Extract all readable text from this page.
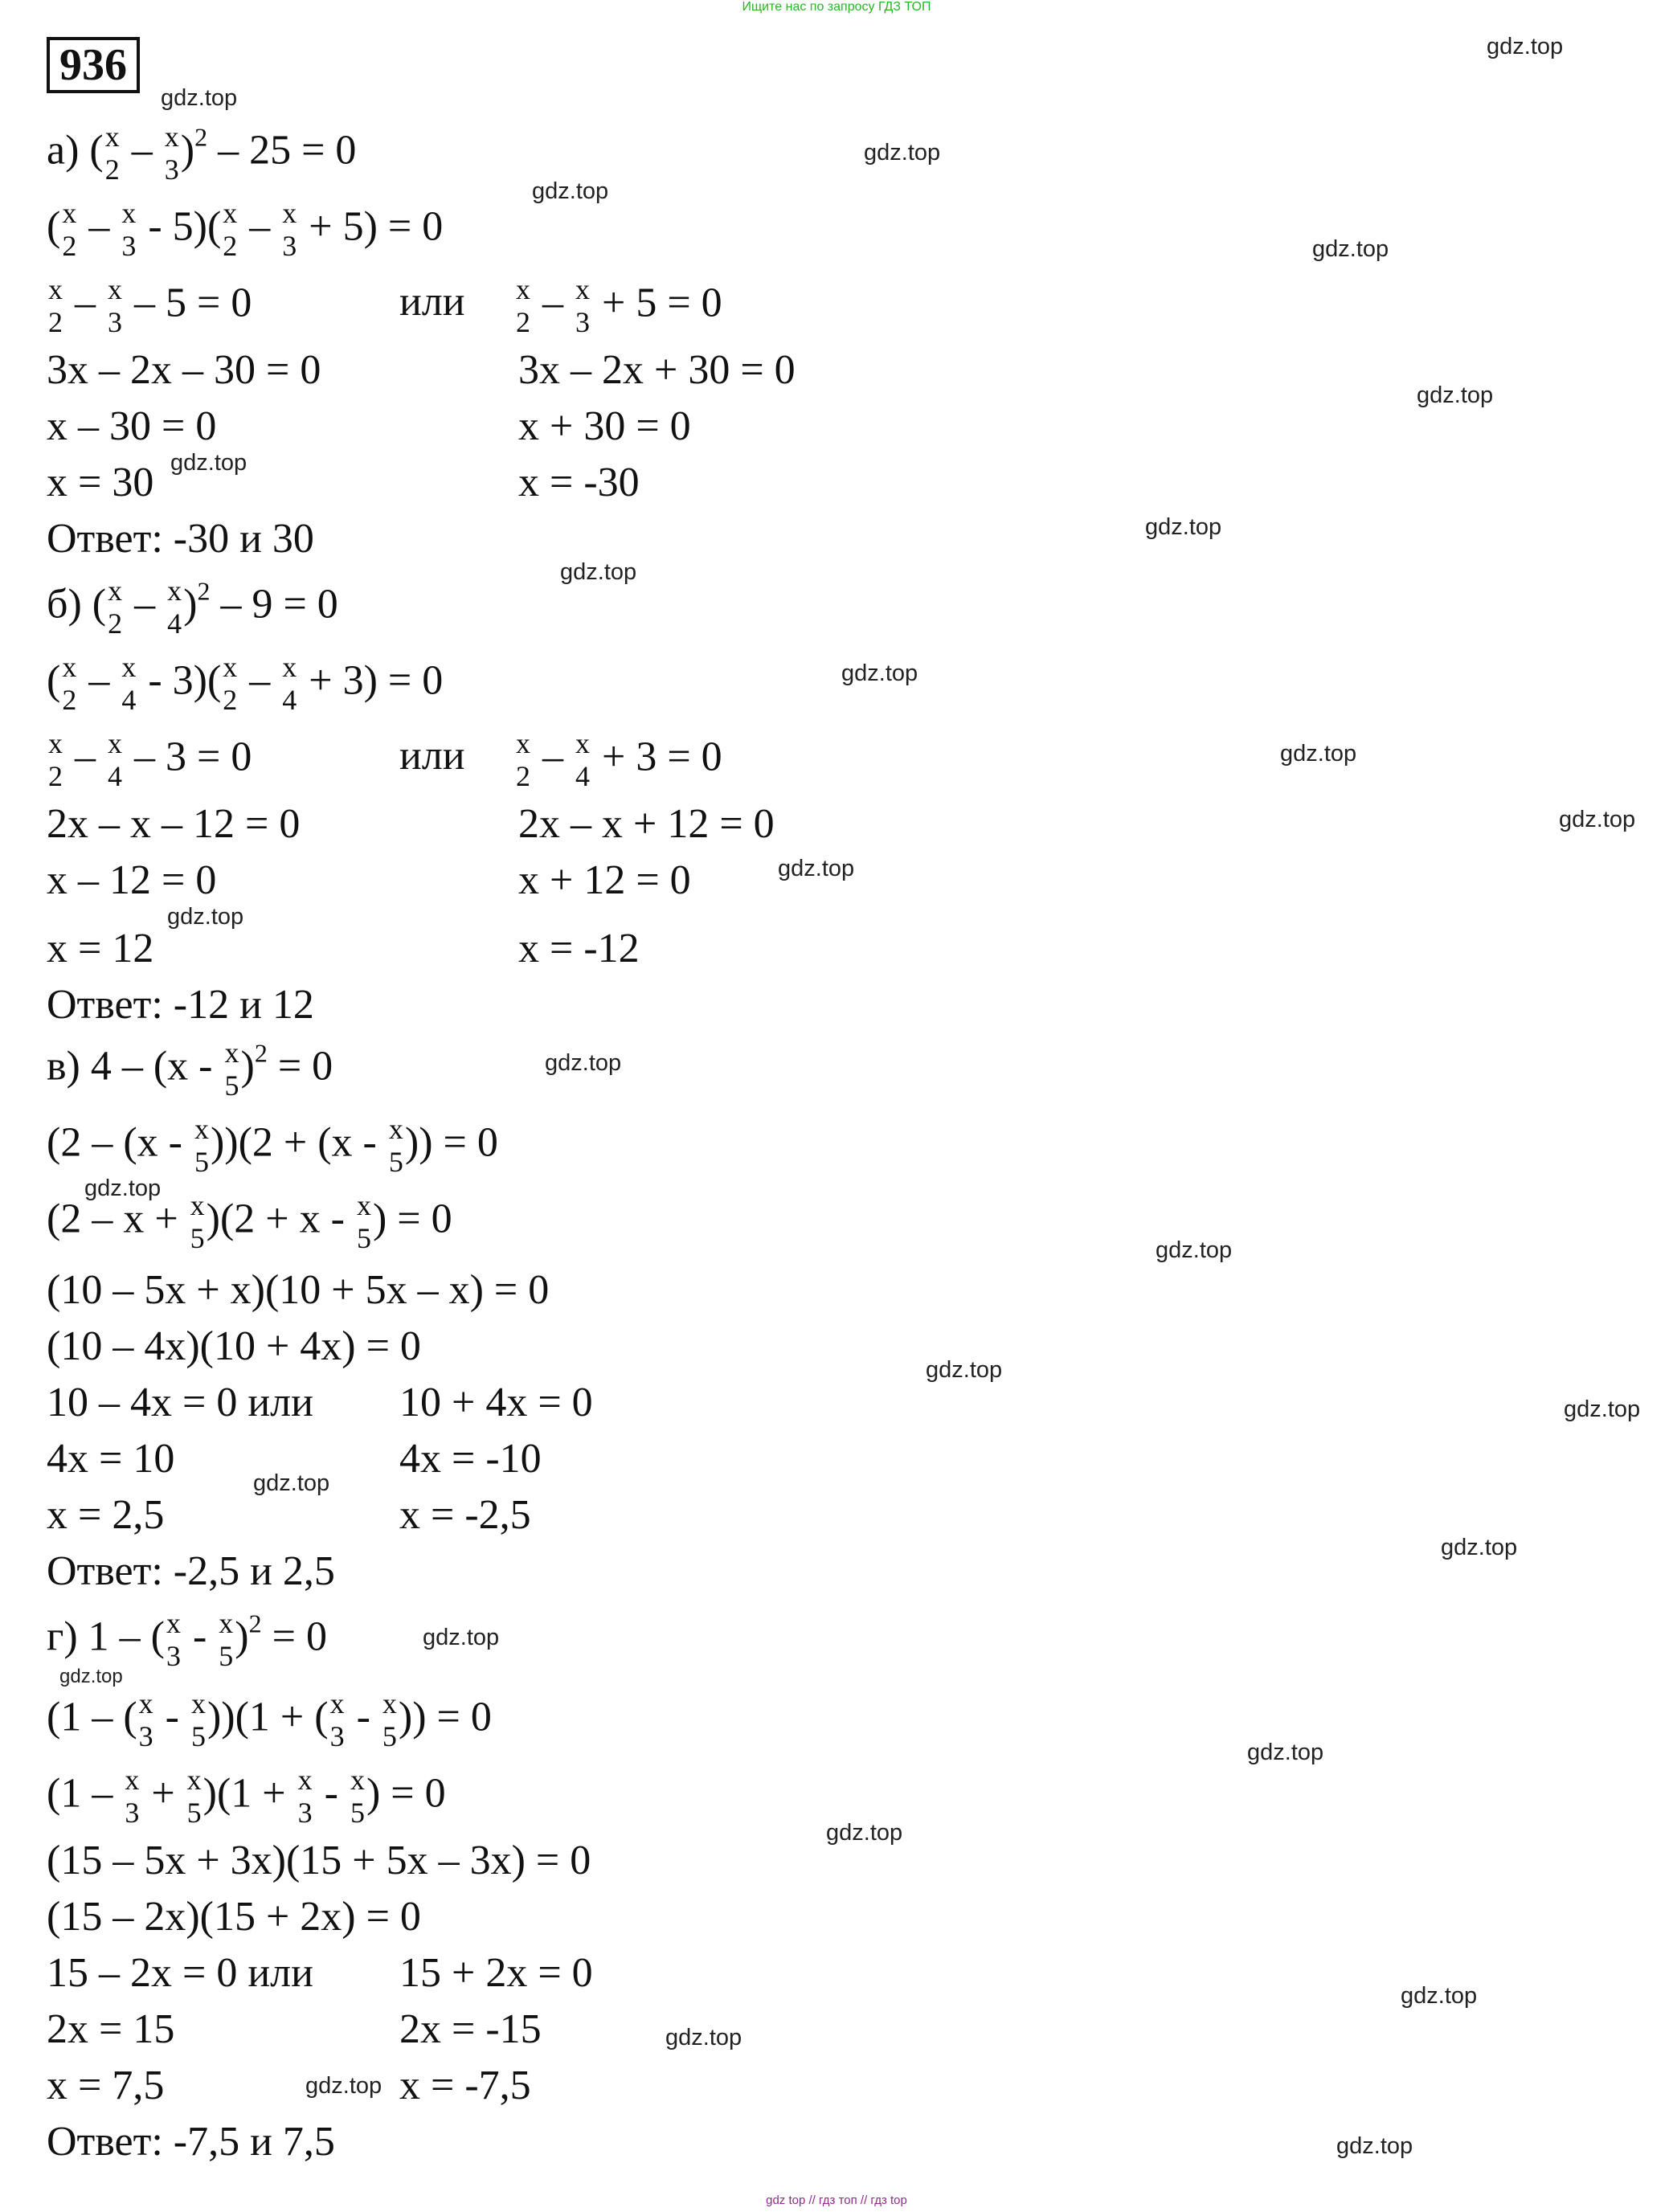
Ищите нас по запросу ГДЗ ТОП
936
а) ( x
2 – x
3 )$^2$ – 25 = 0
( x
2 – x
3 - 5)( x
2 – x
3 + 5) = 0
x
2 – x
3 – 5 = 0	или x
2 – x
3 + 5 = 0
3x – 2x – 30 = 0	3x – 2x + 30 = 0
x – 30 = 0	x + 30 = 0
x = 30	x = -30
Ответ: -30 и 30
б) ( x
2 – x
4 )$^2$ – 9 = 0
( x
2 – x
4 - 3)( x
2 – x
4 + 3) = 0
x
2 – x
4 – 3 = 0	или x
2 – x
4 + 3 = 0
2x – x – 12 = 0	2x – x + 12 = 0
x – 12 = 0	x + 12 = 0
x = 12	x = -12
Ответ: -12 и 12
в) 4 – (x - x
5 )$^2$ = 0
(2 – (x - x
5 ))(2 + (x - x
5 )) = 0
(2 – x + x
5 )(2 + x - x
5 ) = 0
(10 – 5x + x)(10 + 5x – x) = 0
(10 – 4x)(10 + 4x) = 0
10 – 4x = 0 или 10 + 4x = 0
4x = 10	4x = -10
x = 2,5	x = -2,5
Ответ: -2,5 и 2,5
г) 1 – ( x
3 - x
5 )$^2$ = 0
(1 – ( x
3 - x
5 ))(1 + ( x
3 - x
5 )) = 0
(1 – x
3 + x
5 )(1 + x
3 - x
5 ) = 0
(15 – 5x + 3x)(15 + 5x – 3x) = 0
(15 – 2x)(15 + 2x) = 0
15 – 2x = 0 или 15 + 2x = 0
2x = 15	2x = -15
x = 7,5	x = -7,5
Ответ: -7,5 и 7,5
gdz.top
gdz.top
gdz.top
gdz.top
gdz.top
gdz.top
gdz.top
gdz.top
gdz.top
gdz.top
gdz.top
gdz.top
gdz.top
gdz.top
gdz.top
gdz.top
gdz.top
gdz.top
gdz.top
gdz.top
gdz.top
gdz.top
gdz.top
gdz.top
gdz.top
gdz.top
gdz.top
gdz.top
gdz.top
gdz top // гдз топ // гдз top
